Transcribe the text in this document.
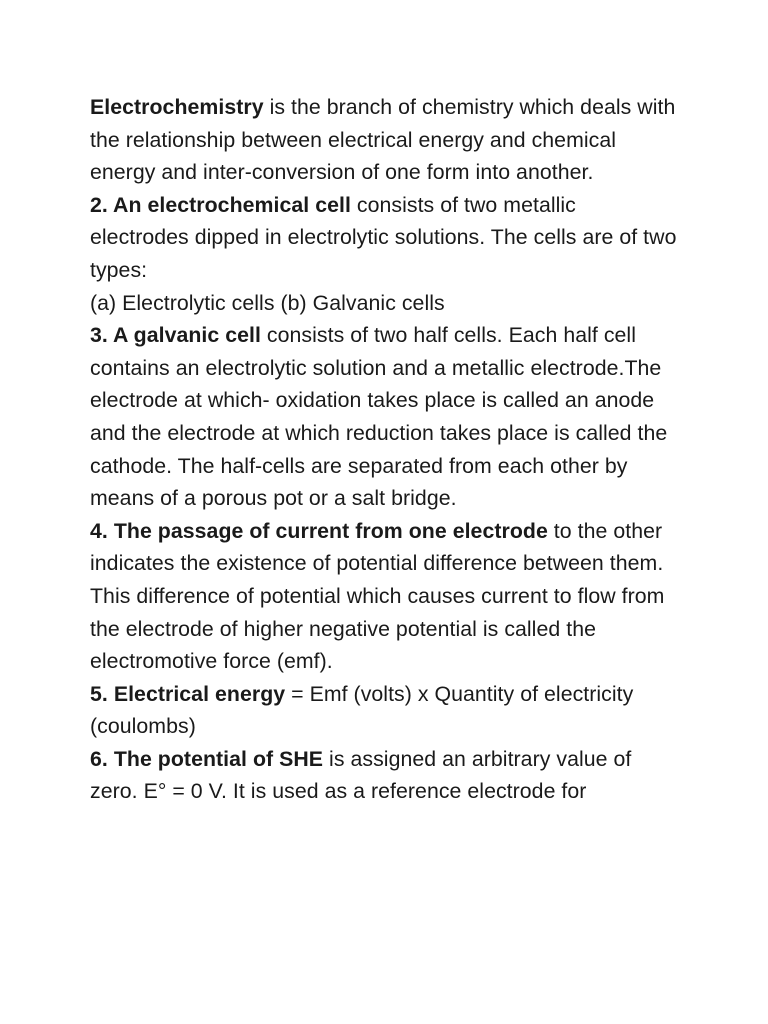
Electrochemistry is the branch of chemistry which deals with the relationship between electrical energy and chemical energy and inter-conversion of one form into another.

2. An electrochemical cell consists of two metallic electrodes dipped in electrolytic solutions. The cells are of two types:

(a) Electrolytic cells (b) Galvanic cells

3. A galvanic cell consists of two half cells. Each half cell contains an electrolytic solution and a metallic electrode.The electrode at which- oxidation takes place is called an anode and the electrode at which reduction takes place is called the cathode. The half-cells are separated from each other by means of a porous pot or a salt bridge.

4. The passage of current from one electrode to the other indicates the existence of potential difference between them. This difference of potential which causes current to flow from the electrode of higher negative potential is called the electromotive force (emf).

5. Electrical energy = Emf (volts) x Quantity of electricity (coulombs)

6. The potential of SHE is assigned an arbitrary value of zero. E° = 0 V. It is used as a reference electrode for
